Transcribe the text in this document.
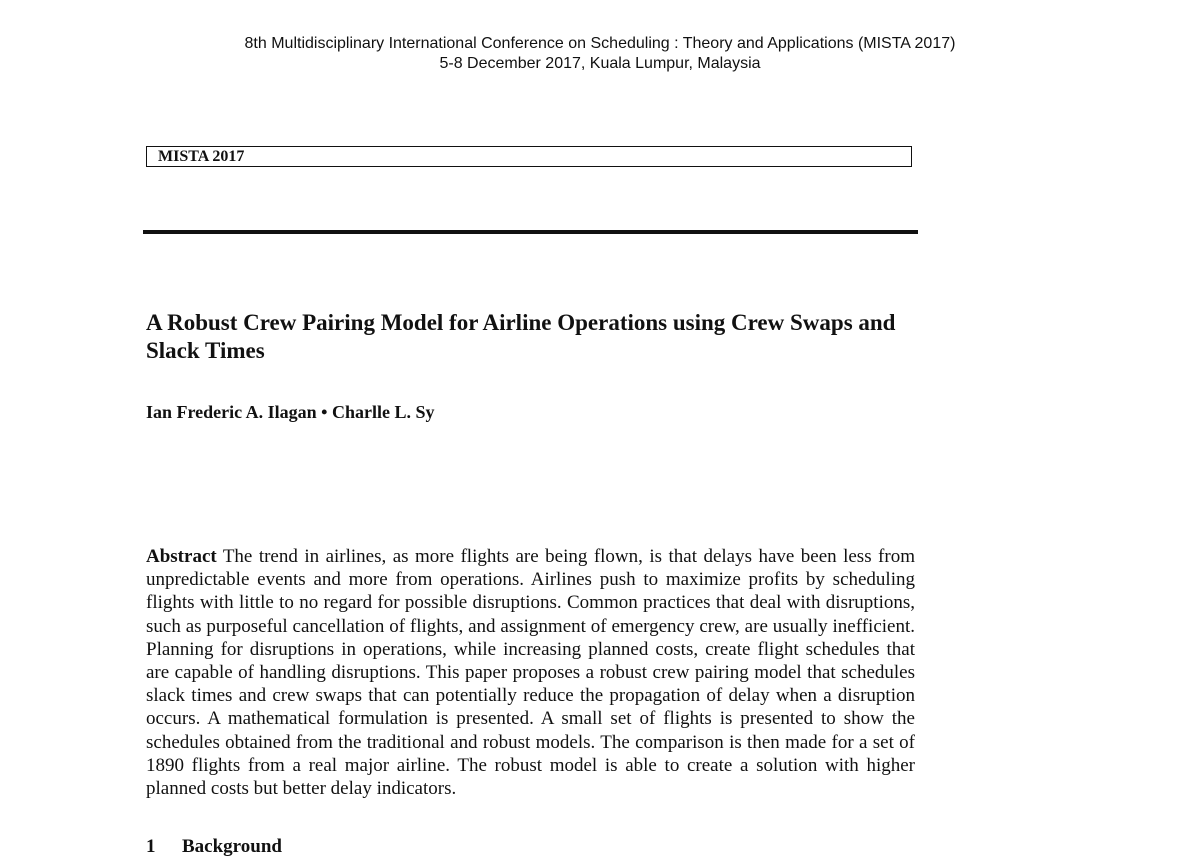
8th Multidisciplinary International Conference on Scheduling : Theory and Applications (MISTA 2017)
5-8 December 2017, Kuala Lumpur, Malaysia
MISTA 2017
A Robust Crew Pairing Model for Airline Operations using Crew Swaps and Slack Times
Ian Frederic A. Ilagan • Charlle L. Sy

Abstract The trend in airlines, as more flights are being flown, is that delays have been less from unpredictable events and more from operations. Airlines push to maximize profits by scheduling flights with little to no regard for possible disruptions. Common practices that deal with disruptions, such as purposeful cancellation of flights, and assignment of emergency crew, are usually inefficient. Planning for disruptions in operations, while increasing planned costs, create flight schedules that are capable of handling disruptions. This paper proposes a robust crew pairing model that schedules slack times and crew swaps that can potentially reduce the propagation of delay when a disruption occurs. A mathematical formulation is presented. A small set of flights is presented to show the schedules obtained from the traditional and robust models. The comparison is then made for a set of 1890 flights from a real major airline. The robust model is able to create a solution with higher planned costs but better delay indicators.

1 Background
